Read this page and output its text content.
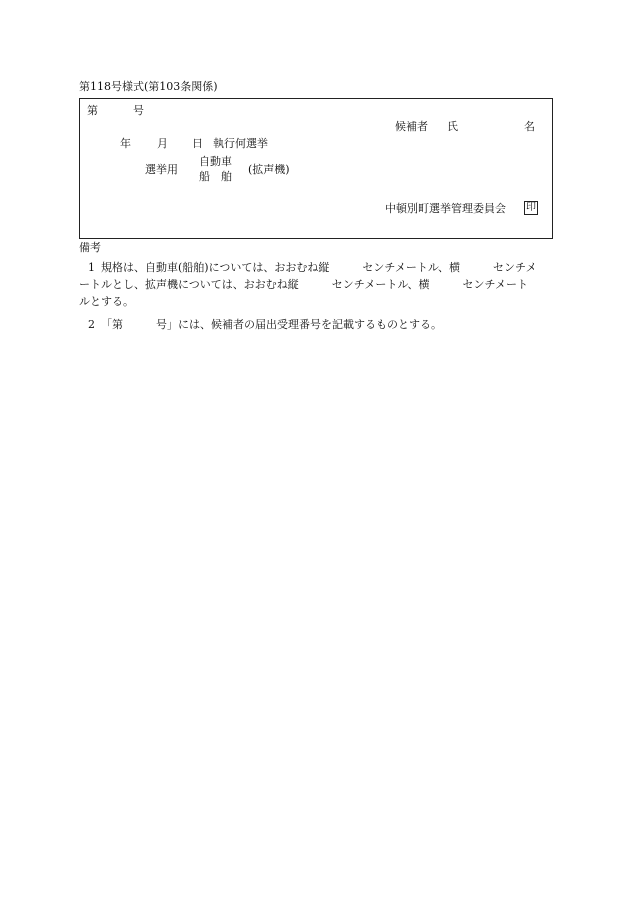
第118号様式(第103条関係)
第	号
候補者 氏	名
年 月 日 執行何選挙
選挙用
自動車
船　舶
(拡声機)
中頓別町選挙管理委員会 印
備考
1 規格は、自動車(船舶)については、おおむね縦　　　センチメートル、横　　　センチメ
ートルとし、拡声機については、おおむね縦　　　センチメートル、横　　　センチメート
ルとする。
2 「第　　　号」には、候補者の届出受理番号を記載するものとする。
